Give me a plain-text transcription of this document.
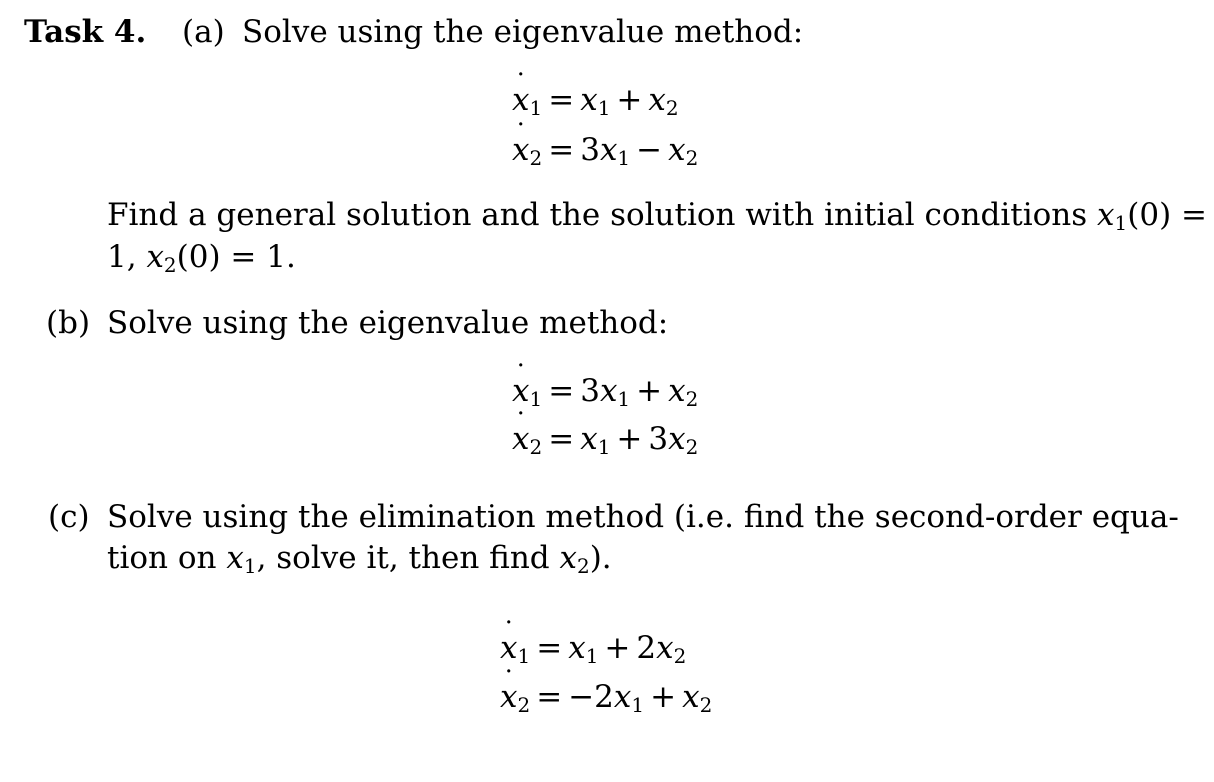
Task 4. (a) Solve using the eigenvalue method:
˙ $x_1 = x_1 + x_2$
˙ $x_2 = 3x_1 - x_2$
Find a general solution and the solution with initial conditions $x_1(0)$ =
1, $x_2(0) = 1$.
(b) Solve using the eigenvalue method:
˙ $x_1 = 3x_1 + x_2$
˙ $x_2 = x_1 + 3x_2$
(c) Solve using the elimination method (i.e. find the second-order equa-
tion on $x_1$, solve it, then find $x_2$).
˙ $x_1 = x_1 + 2x_2$
˙ $x_2 = -2x_1 + x_2$
